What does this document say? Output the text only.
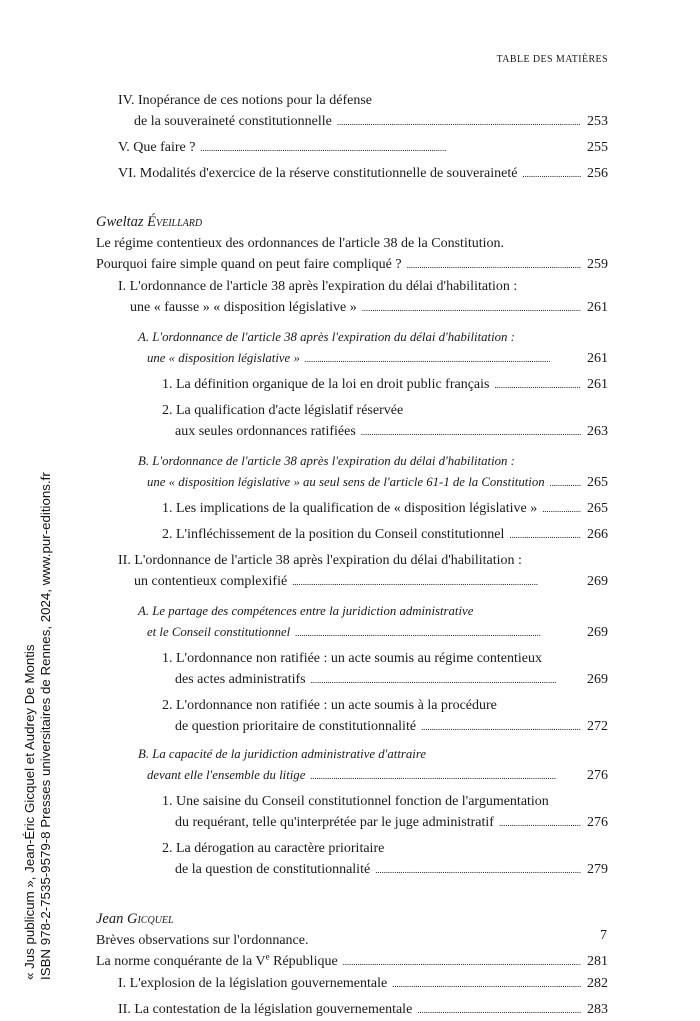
TABLE DES MATIÈRES
« Jus publicum », Jean-Éric Gicquel et Audrey De Montis ISBN 978-2-7535-9579-8 Presses universitaires de Rennes, 2024, www.pur-editions.fr
IV. Inopérance de ces notions pour la défense
de la souveraineté constitutionnelle . . .	253
V. Que faire ? . . .	255
VI. Modalités d'exercice de la réserve constitutionnelle de souveraineté . . .	256
Gweltaz Éveillard
Le régime contentieux des ordonnances de l'article 38 de la Constitution.
Pourquoi faire simple quand on peut faire compliqué ? . . .	259
I. L'ordonnance de l'article 38 après l'expiration du délai d'habilitation :
une « fausse » « disposition législative » . . .	261
A. L'ordonnance de l'article 38 après l'expiration du délai d'habilitation :
une « disposition législative » . . .	261
1. La définition organique de la loi en droit public français . . .	261
2. La qualification d'acte législatif réservée
aux seules ordonnances ratifiées . . .	263
B. L'ordonnance de l'article 38 après l'expiration du délai d'habilitation :
une « disposition législative » au seul sens de l'article 61-1 de la Constitution . . .	265
1. Les implications de la qualification de « disposition législative » . . .	265
2. L'infléchissement de la position du Conseil constitutionnel . . .	266
II. L'ordonnance de l'article 38 après l'expiration du délai d'habilitation :
un contentieux complexifié . . .	269
A. Le partage des compétences entre la juridiction administrative
et le Conseil constitutionnel . . .	269
1. L'ordonnance non ratifiée : un acte soumis au régime contentieux
des actes administratifs . . .	269
2. L'ordonnance non ratifiée : un acte soumis à la procédure
de question prioritaire de constitutionnalité . . .	272
B. La capacité de la juridiction administrative d'attraire
devant elle l'ensemble du litige . . .	276
1. Une saisine du Conseil constitutionnel fonction de l'argumentation
du requérant, telle qu'interprétée par le juge administratif . . .	276
2. La dérogation au caractère prioritaire
de la question de constitutionnalité . . .	279
Jean Gicquel
Brèves observations sur l'ordonnance.
La norme conquérante de la Ve République . . .	281
I. L'explosion de la législation gouvernementale . . .	282
II. La contestation de la législation gouvernementale . . .	283
7
